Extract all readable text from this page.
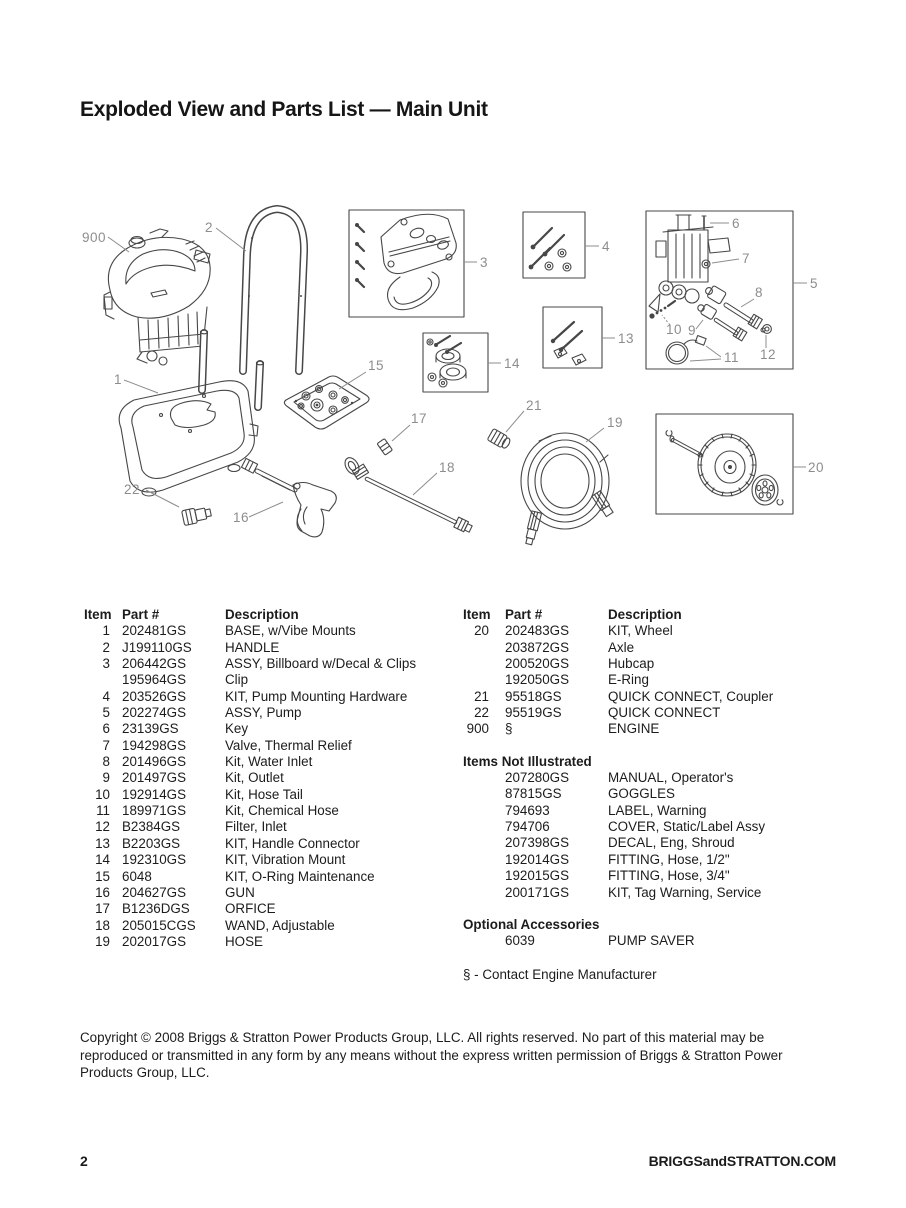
Exploded View and Parts List — Main Unit
900
2
1
3
4
5
6
7
8
9
10
11 12
13
14
15
16
17
18
19
20
21
22
Item Part #	Description
1 202481GS	BASE, w/Vibe Mounts
2 J199110GS	HANDLE
3 206442GS	ASSY, Billboard w/Decal & Clips
195964GS	Clip
4 203526GS	KIT, Pump Mounting Hardware
5 202274GS	ASSY, Pump
6 23139GS	Key
7 194298GS	Valve, Thermal Relief
8 201496GS	Kit, Water Inlet
9 201497GS	Kit, Outlet
10 192914GS	Kit, Hose Tail
11 189971GS	Kit, Chemical Hose
12 B2384GS	Filter, Inlet
13 B2203GS	KIT, Handle Connector
14 192310GS	KIT, Vibration Mount
15 6048	KIT, O-Ring Maintenance
16 204627GS	GUN
17 B1236DGS	ORFICE
18 205015CGS	WAND, Adjustable
19 202017GS	HOSE
Item Part #	Description
20 202483GS	KIT, Wheel
203872GS	Axle
200520GS	Hubcap
192050GS	E-Ring
21 95518GS	QUICK CONNECT, Coupler
22 95519GS	QUICK CONNECT
900 §	ENGINE
Items Not Illustrated
207280GS	MANUAL, Operator's
87815GS	GOGGLES
794693	LABEL, Warning
794706	COVER, Static/Label Assy
207398GS	DECAL, Eng, Shroud
192014GS	FITTING, Hose, 1/2"
192015GS	FITTING, Hose, 3/4"
200171GS	KIT, Tag Warning, Service
Optional Accessories
6039	PUMP SAVER
§ - Contact Engine Manufacturer
Copyright © 2008 Briggs & Stratton Power Products Group, LLC. All rights reserved. No part of this material may be
reproduced or transmitted in any form by any means without the express written permission of Briggs & Stratton Power
Products Group, LLC.
2	BRIGGSandSTRATTON.COM
